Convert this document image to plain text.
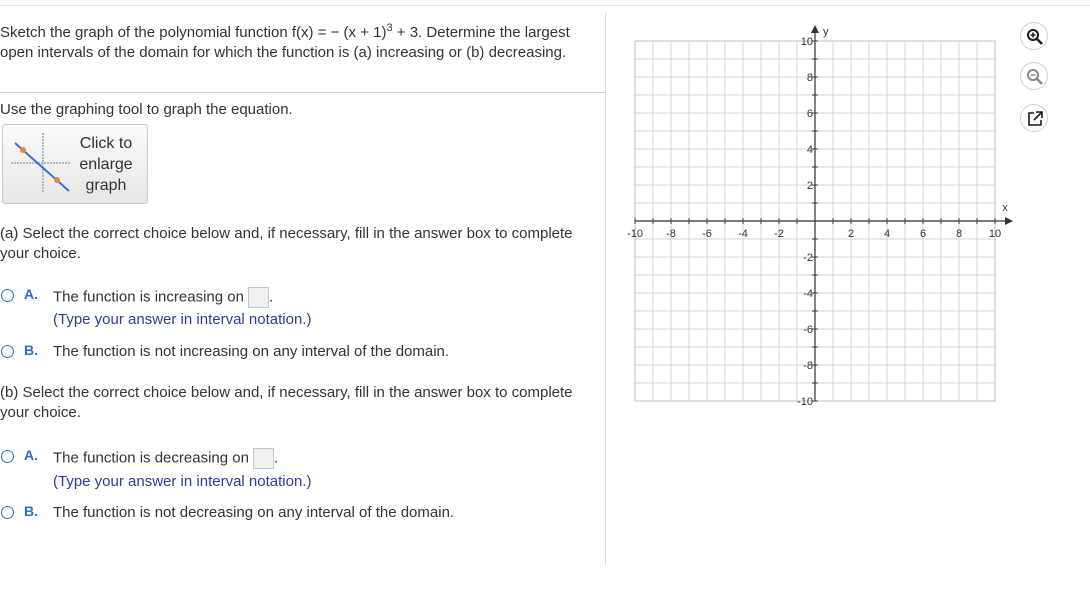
Sketch the graph of the polynomial function f(x) = − $(x + 1)^3 + 3$. Determine the largest open intervals of the domain for which the function is (a) increasing or (b) decreasing.
Use the graphing tool to graph the equation.
Click to
enlarge
graph
(a) Select the correct choice below and, if necessary, fill in the answer box to complete your choice.
A. The function is increasing on .
(Type your answer in interval notation.)
B. The function is not increasing on any interval of the domain.
(b) Select the correct choice below and, if necessary, fill in the answer box to complete your choice.
A. The function is decreasing on .
(Type your answer in interval notation.)
B. The function is not decreasing on any interval of the domain.
-10 -8 -6 -4 -2	2	4	6	8 10
10
8
6
4
2
-2
-4
-6
-8
-10
x
y
